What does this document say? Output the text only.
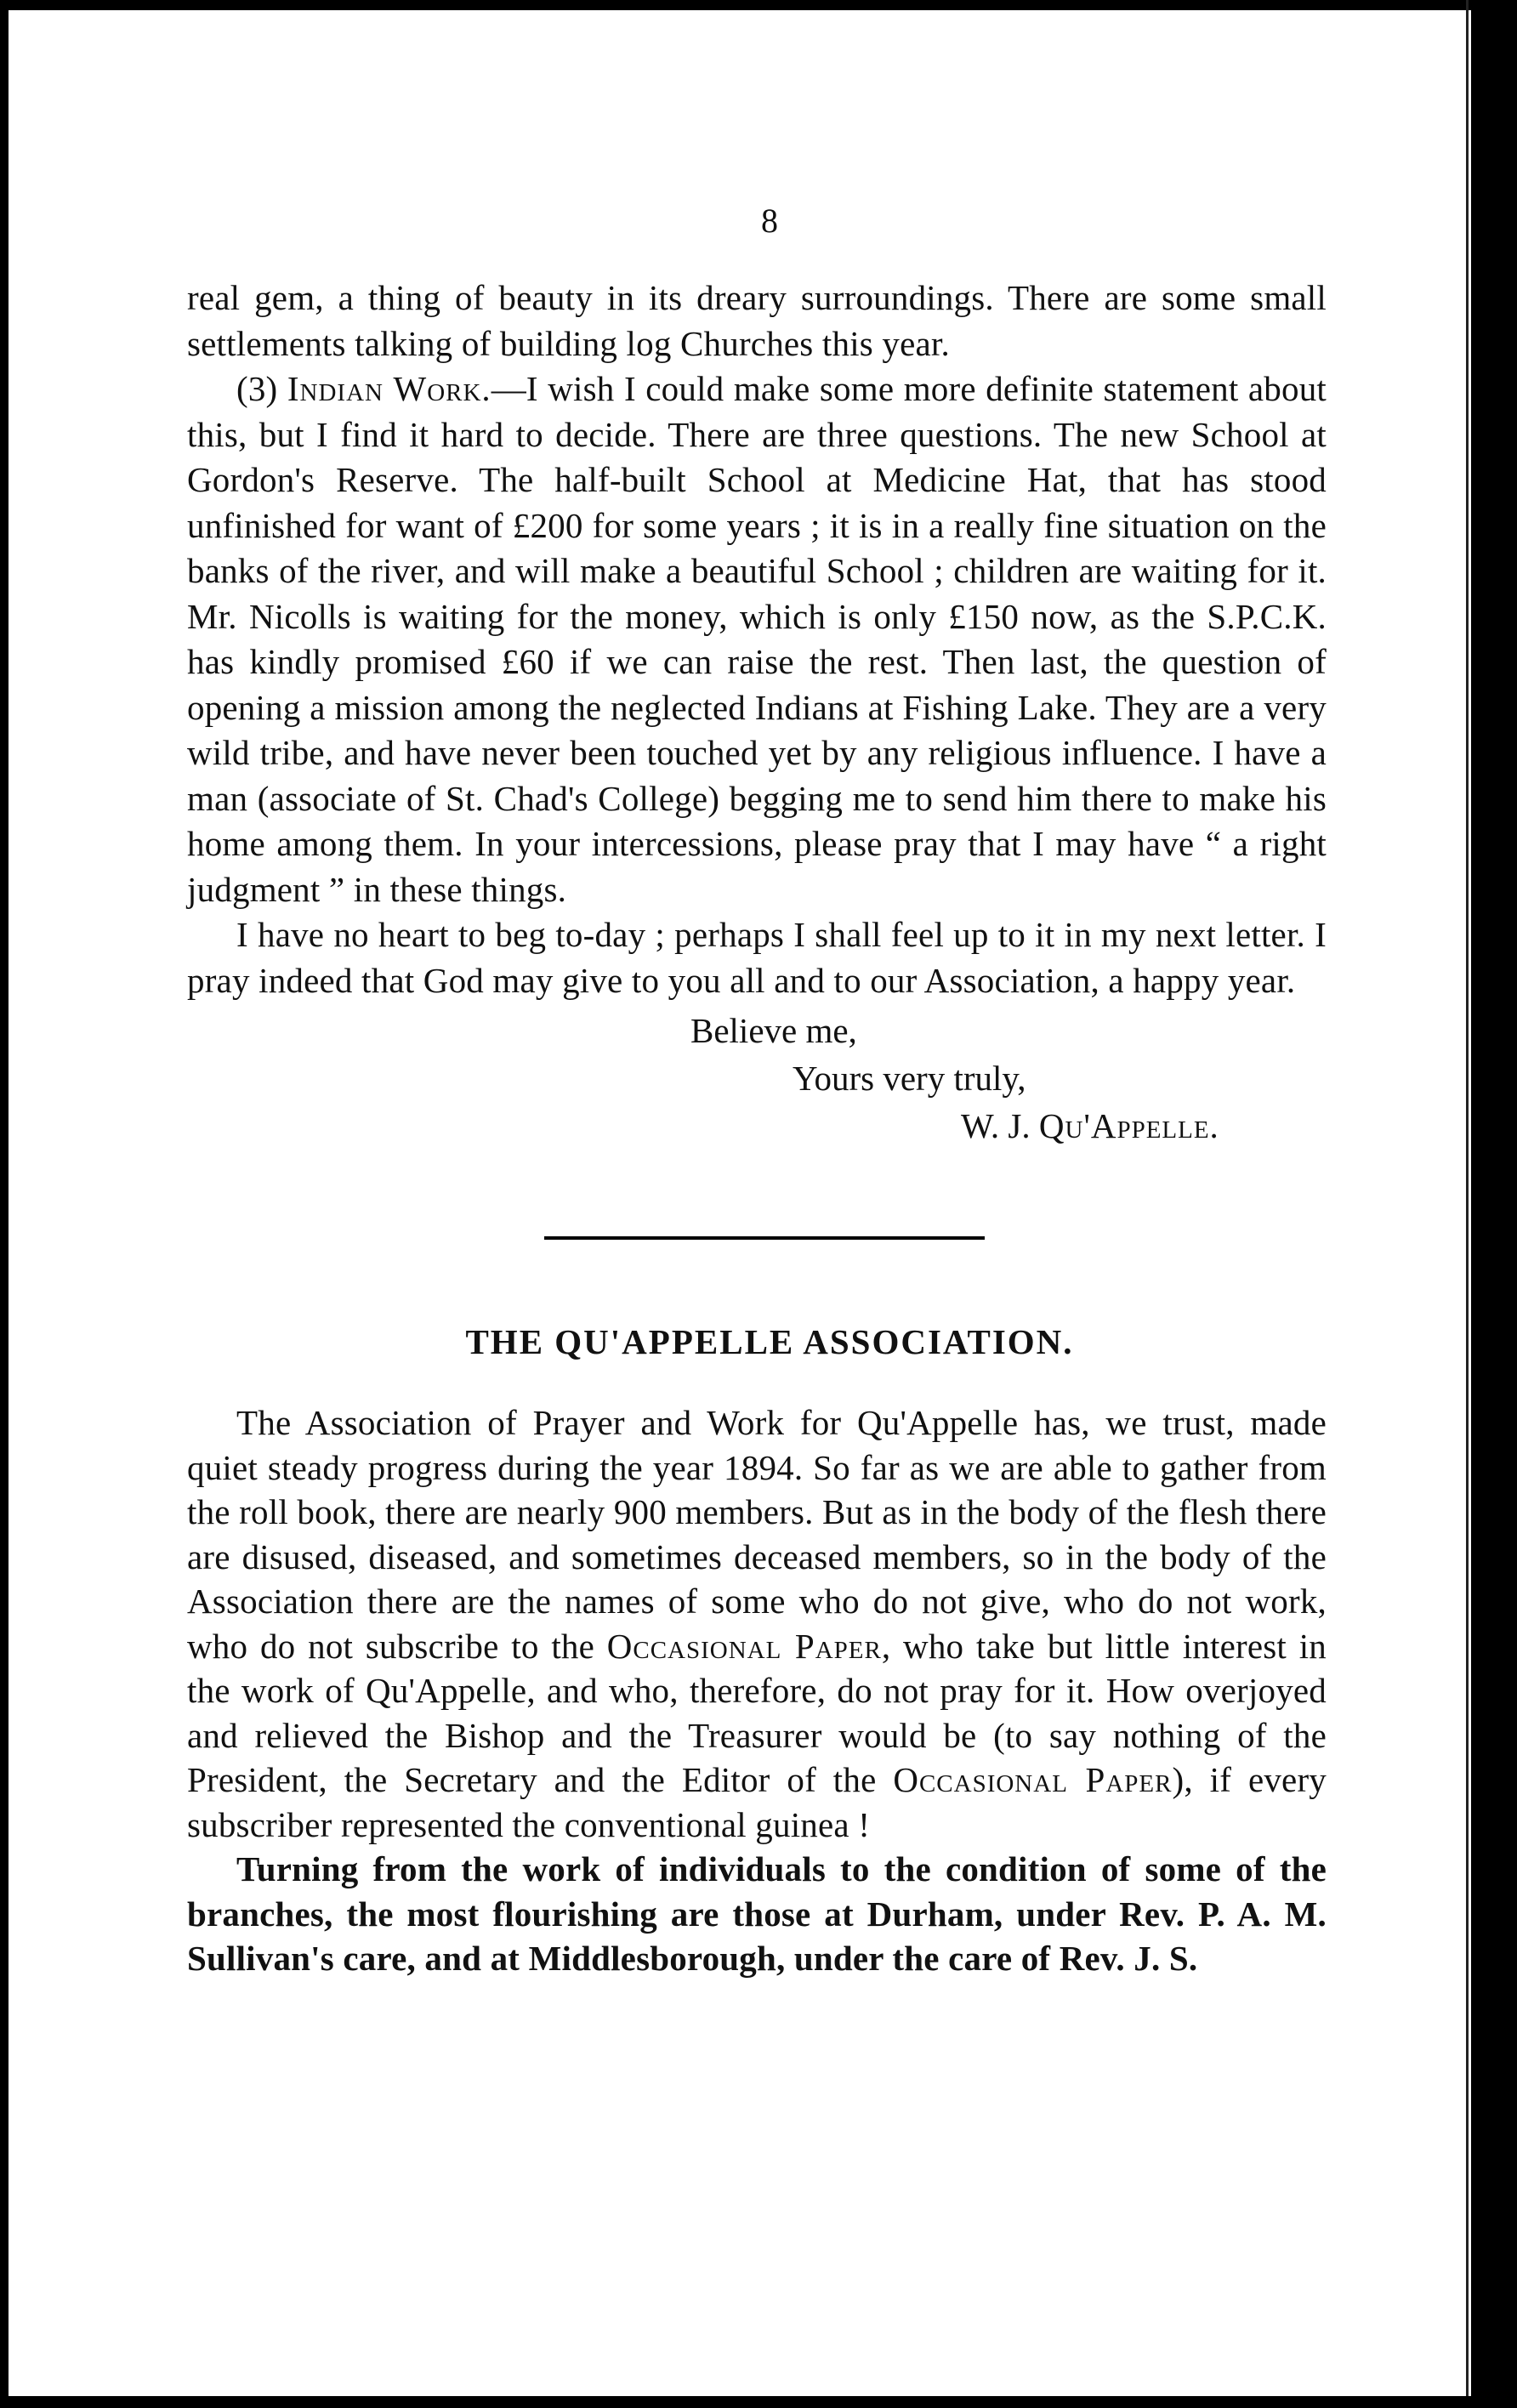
8

real gem, a thing of beauty in its dreary surroundings. There are some small settlements talking of building log Churches this year.

(3) Indian Work.—I wish I could make some more definite statement about this, but I find it hard to decide. There are three questions. The new School at Gordon's Reserve. The half-built School at Medicine Hat, that has stood unfinished for want of £200 for some years ; it is in a really fine situation on the banks of the river, and will make a beautiful School ; children are waiting for it. Mr. Nicolls is waiting for the money, which is only £150 now, as the S.P.C.K. has kindly promised £60 if we can raise the rest. Then last, the question of opening a mission among the neglected Indians at Fishing Lake. They are a very wild tribe, and have never been touched yet by any religious influence. I have a man (associate of St. Chad's College) begging me to send him there to make his home among them. In your intercessions, please pray that I may have “ a right judgment ” in these things.

I have no heart to beg to-day ; perhaps I shall feel up to it in my next letter. I pray indeed that God may give to you all and to our Association, a happy year.

Believe me,
Yours very truly,
W. J. Qu'Appelle.
THE QU'APPELLE ASSOCIATION.

The Association of Prayer and Work for Qu'Appelle has, we trust, made quiet steady progress during the year 1894. So far as we are able to gather from the roll book, there are nearly 900 members. But as in the body of the flesh there are disused, diseased, and sometimes deceased members, so in the body of the Association there are the names of some who do not give, who do not work, who do not subscribe to the Occasional Paper, who take but little interest in the work of Qu'Appelle, and who, therefore, do not pray for it. How overjoyed and relieved the Bishop and the Treasurer would be (to say nothing of the President, the Secretary and the Editor of the Occasional Paper), if every subscriber represented the conventional guinea !

Turning from the work of individuals to the condition of some of the branches, the most flourishing are those at Durham, under Rev. P. A. M. Sullivan's care, and at Middlesborough, under the care of Rev. J. S.
